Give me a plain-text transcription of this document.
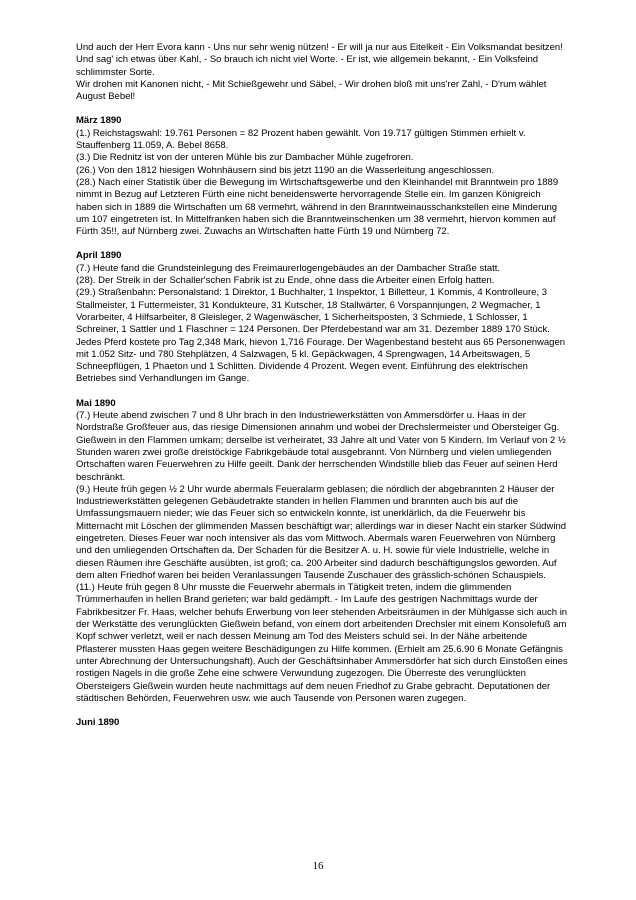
Und auch der Herr Evora kann - Uns nur sehr wenig nützen! - Er will ja nur aus Eitelkeit - Ein Volksmandat besitzen!

Und sag' ich etwas über Kahl, - So brauch ich nicht viel Worte. - Er ist, wie allgemein bekannt, - Ein Volksfeind schlimmster Sorte.

Wir drohen mit Kanonen nicht, - Mit Schießgewehr und Säbel, - Wir drohen bloß mit uns'rer Zahl, - D'rum wählet August Bebel!

März 1890

(1.) Reichstagswahl: 19.761 Personen = 82 Prozent haben gewählt. Von 19.717 gültigen Stimmen erhielt v. Stauffenberg 11.059, A. Bebel 8658.

(3.) Die Rednitz ist von der unteren Mühle bis zur Dambacher Mühle zugefroren.

(26.) Von den 1812 hiesigen Wohnhäusern sind bis jetzt 1190 an die Wasserleitung angeschlossen.

(28.) Nach einer Statistik über die Bewegung im Wirtschaftsgewerbe und den Kleinhandel mit Branntwein pro 1889 nimmt in Bezug auf Letzteren Fürth eine nicht beneidenswerte hervorragende Stelle ein. Im ganzen Königreich haben sich in 1889 die Wirtschaften um 68 vermehrt, während in den Branntweinausschankstellen eine Minderung um 107 eingetreten ist. In Mittelfranken haben sich die Branntweinschenken um 38 vermehrt, hiervon kommen auf Fürth 35!!, auf Nürnberg zwei. Zuwachs an Wirtschaften hatte Fürth 19 und Nürnberg 72.

April 1890

(7.) Heute fand die Grundsteinlegung des Freimaurerlogengebäudes an der Dambacher Straße statt.

(28). Der Streik in der Schaller'schen Fabrik ist zu Ende, ohne dass die Arbeiter einen Erfolg hatten.

(29.) Straßenbahn: Personalstand: 1 Direktor, 1 Buchhalter, 1 Inspektor, 1 Billetteur, 1 Kommis, 4 Kontrolleure, 3 Stallmeister, 1 Futtermeister, 31 Kondukteure, 31 Kutscher, 18 Stallwärter, 6 Vorspannjungen, 2 Wegmacher, 1 Vorarbeiter, 4 Hilfsarbeiter, 8 Gleisleger, 2 Wagenwäscher, 1 Sicherheitsposten, 3 Schmiede, 1 Schlosser, 1 Schreiner, 1 Sattler und 1 Flaschner = 124 Personen. Der Pferdebestand war am 31. Dezember 1889 170 Stück. Jedes Pferd kostete pro Tag 2,348 Mark, hievon 1,716 Fourage. Der Wagenbestand besteht aus 65 Personenwagen mit 1.052 Sitz- und 780 Stehplätzen, 4 Salzwagen, 5 kl. Gepäckwagen, 4 Sprengwagen, 14 Arbeitswagen, 5 Schneepflügen, 1 Phaeton und 1 Schlitten. Dividende 4 Prozent. Wegen event. Einführung des elektrischen Betriebes sind Verhandlungen im Gange.

Mai 1890

(7.) Heute abend zwischen 7 und 8 Uhr brach in den Industriewerkstätten von Ammersdörfer u. Haas in der Nordstraße Großfeuer aus, das riesige Dimensionen annahm und wobei der Drechslermeister und Obersteiger Gg. Gießwein in den Flammen umkam; derselbe ist verheiratet, 33 Jahre alt und Vater von 5 Kindern. Im Verlauf von 2 ½ Stunden waren zwei große dreistöckige Fabrikgebäude total ausgebrannt. Von Nürnberg und vielen umliegenden Ortschaften waren Feuerwehren zu Hilfe geeilt. Dank der herrschenden Windstille blieb das Feuer auf seinen Herd beschränkt.

(9.) Heute früh gegen ½ 2 Uhr wurde abermals Feueralarm geblasen; die nördlich der abgebrannten 2 Häuser der Industriewerkstätten gelegenen Gebäudetrakte standen in hellen Flammen und brannten auch bis auf die Umfassungsmauern nieder; wie das Feuer sich so entwickeln konnte, ist unerklärlich, da die Feuerwehr bis Mitternacht mit Löschen der glimmenden Massen beschäftigt war; allerdings war in dieser Nacht ein starker Südwind eingetreten. Dieses Feuer war noch intensiver als das vom Mittwoch. Abermals waren Feuerwehren von Nürnberg und den umliegenden Ortschaften da. Der Schaden für die Besitzer A. u. H. sowie für viele Industrielle, welche in diesen Räumen ihre Geschäfte ausübten, ist groß; ca. 200 Arbeiter sind dadurch beschäftigungslos geworden. Auf dem alten Friedhof waren bei beiden Veranlassungen Tausende Zuschauer des grässlich-schönen Schauspiels.

(11.) Heute früh gegen 8 Uhr musste die Feuerwehr abermals in Tätigkeit treten, indem die glimmenden Trümmerhaufen in hellen Brand gerieten; war bald gedämpft. - Im Laufe des gestrigen Nachmittags wurde der Fabrikbesitzer Fr. Haas, welcher behufs Erwerbung von leer stehenden Arbeitsräumen in der Mühlgasse sich auch in der Werkstätte des verunglückten Gießwein befand, von einem dort arbeitenden Drechsler mit einem Konsolefuß am Kopf schwer verletzt, weil er nach dessen Meinung am Tod des Meisters schuld sei. In der Nähe arbeitende Pflasterer mussten Haas gegen weitere Beschädigungen zu Hilfe kommen. (Erhielt am 25.6.90 6 Monate Gefängnis unter Abrechnung der Untersuchungshaft). Auch der Geschäftsinhaber Ammersdörfer hat sich durch Einstoßen eines rostigen Nagels in die große Zehe eine schwere Verwundung zugezogen. Die Überreste des verunglückten Obersteigers Gießwein wurden heute nachmittags auf dem neuen Friedhof zu Grabe gebracht. Deputationen der städtischen Behörden, Feuerwehren usw. wie auch Tausende von Personen waren zugegen.

Juni 1890

16
